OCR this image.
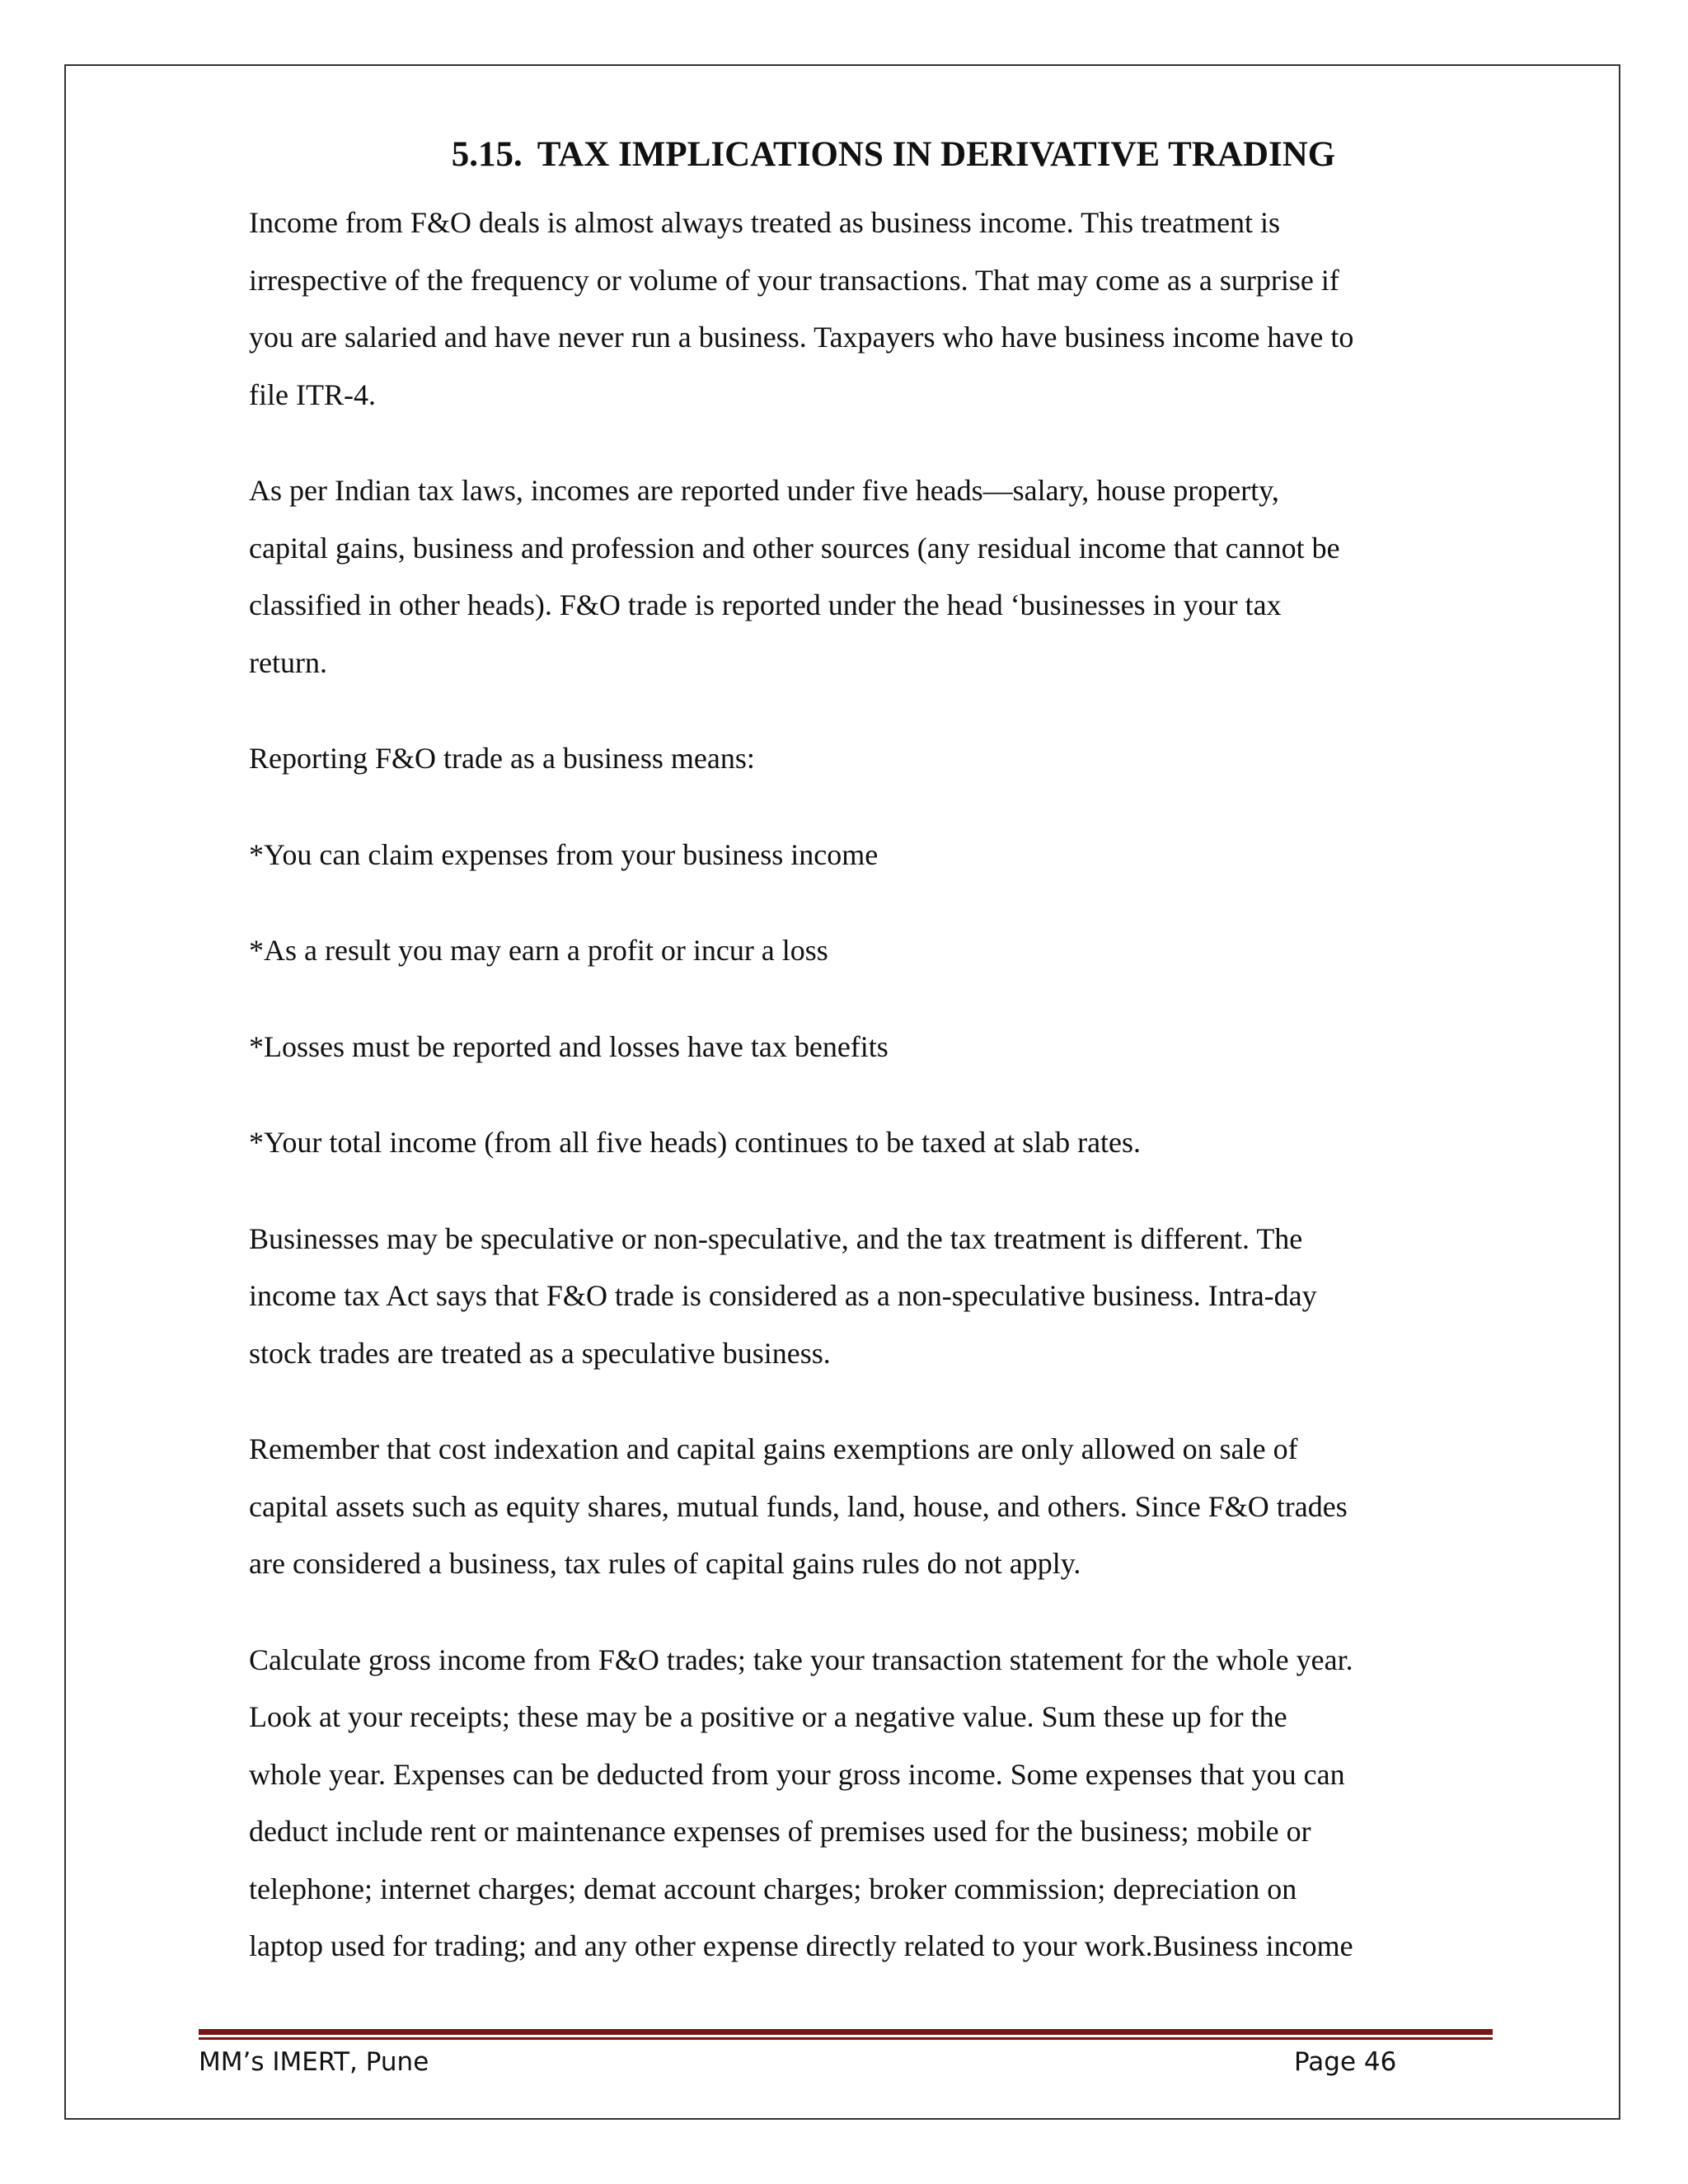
5.15. TAX IMPLICATIONS IN DERIVATIVE TRADING

Income from F&O deals is almost always treated as business income. This treatment is
irrespective of the frequency or volume of your transactions. That may come as a surprise if
you are salaried and have never run a business. Taxpayers who have business income have to
file ITR-4.

As per Indian tax laws, incomes are reported under five heads—salary, house property,
capital gains, business and profession and other sources (any residual income that cannot be
classified in other heads). F&O trade is reported under the head ‘businesses in your tax
return.

Reporting F&O trade as a business means:

*You can claim expenses from your business income

*As a result you may earn a profit or incur a loss

*Losses must be reported and losses have tax benefits

*Your total income (from all five heads) continues to be taxed at slab rates.

Businesses may be speculative or non-speculative, and the tax treatment is different. The
income tax Act says that F&O trade is considered as a non-speculative business. Intra-day
stock trades are treated as a speculative business.

Remember that cost indexation and capital gains exemptions are only allowed on sale of
capital assets such as equity shares, mutual funds, land, house, and others. Since F&O trades
are considered a business, tax rules of capital gains rules do not apply.

Calculate gross income from F&O trades; take your transaction statement for the whole year.
Look at your receipts; these may be a positive or a negative value. Sum these up for the
whole year. Expenses can be deducted from your gross income. Some expenses that you can
deduct include rent or maintenance expenses of premises used for the business; mobile or
telephone; internet charges; demat account charges; broker commission; depreciation on
laptop used for trading; and any other expense directly related to your work.Business income

MM’s IMERT, Pune	Page 46
